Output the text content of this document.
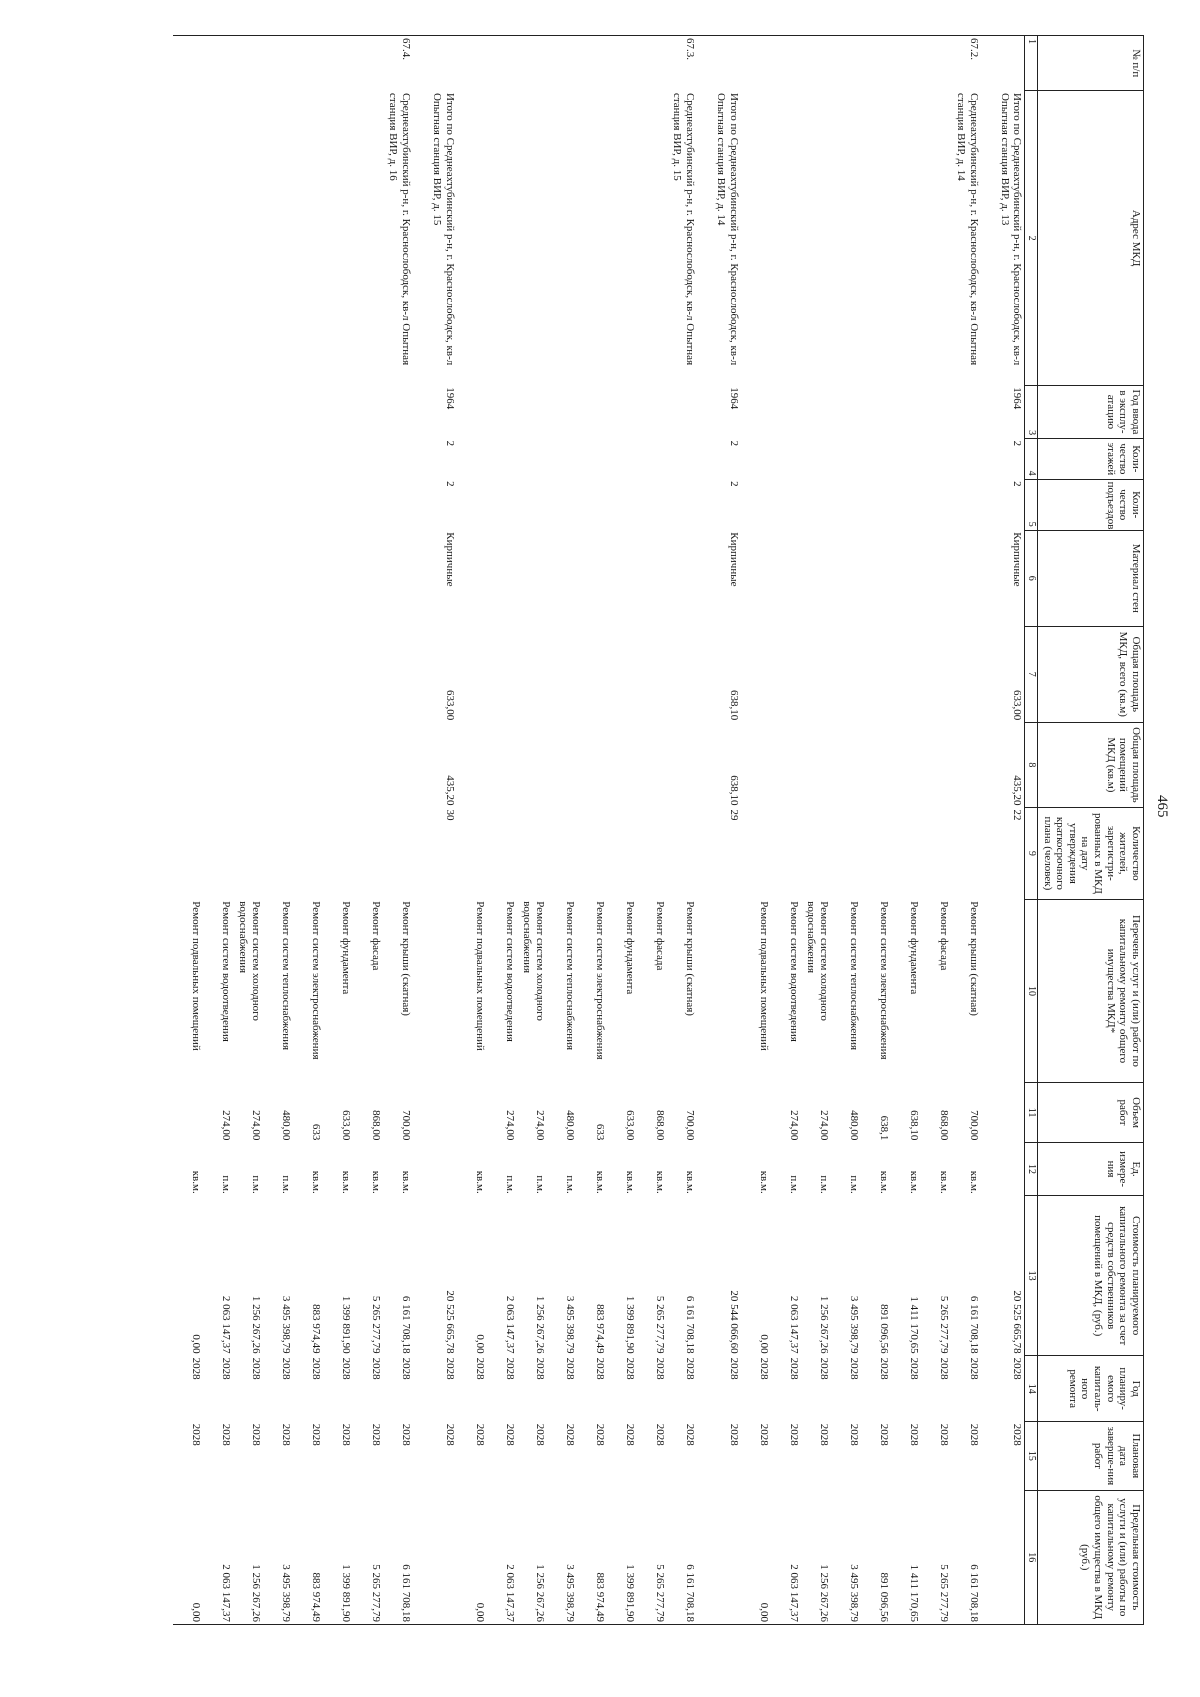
465
№ п/п	Адрес МКД	Год ввода в эксплу-атацию	Коли-чество этажей	Коли-чество подъездов	Материал стен	Общая площадь МКД, всего (кв.м)	Общая площадь помещений МКД (кв.м)	Количество жителей, зарегистри-рованных в МКД на дату утверждения краткосрочного плана (человек)	Перечень услуг и (или) работ по капитальному ремонту общего имущества МКД*	Объем работ	Ед. измере-ния	Стоимость планируемого капитального ремонта за счет средств собственников помещений в МКД, (руб.)	Год планиру-емого капиталь-ного ремонта	Плановая дата заверше-ния работ	Предельная стоимость услуги и (или) работы по капитальному ремонту общего имущества в МКД (руб.)
1	2	3	4	5	6	7	8	9	10	11	12	13	14	15	16
	Итого по Среднеахтубинский р-н, г. Краснослободск, кв-л Опытная станция ВИР, д. 13	1964	2	2	Кирпичные	633,00	435,20	22				20 525 665,78	2028	2028	
67.2.	Среднеахтубинский р-н, г. Краснослободск, кв-л Опытная станция ВИР, д. 14								Ремонт крыши (скатная)	700,00	кв.м.	6 161 708,18	2028	2028	6 161 708,18
									Ремонт фасада	868,00	кв.м.	5 265 277,79	2028	2028	5 265 277,79
									Ремонт фундамента	638,10	кв.м.	1 411 170,65	2028	2028	1 411 170,65
									Ремонт систем электроснабжения	638,1	кв.м.	891 096,56	2028	2028	891 096,56
									Ремонт систем теплоснабжения	480,00	п.м.	3 495 398,79	2028	2028	3 495 398,79
									Ремонт систем холодного водоснабжения	274,00	п.м.	1 256 267,26	2028	2028	1 256 267,26
									Ремонт систем водоотведения	274,00	п.м.	2 063 147,37	2028	2028	2 063 147,37
									Ремонт подвальных помещений		кв.м.	0,00	2028	2028	0,00
	Итого по Среднеахтубинский р-н, г. Краснослободск, кв-л Опытная станция ВИР, д. 14	1964	2	2	Кирпичные	638,10	638,10	29				20 544 066,60	2028	2028	
67.3.	Среднеахтубинский р-н, г. Краснослободск, кв-л Опытная станция ВИР, д. 15								Ремонт крыши (скатная)	700,00	кв.м.	6 161 708,18	2028	2028	6 161 708,18
									Ремонт фасада	868,00	кв.м.	5 265 277,79	2028	2028	5 265 277,79
									Ремонт фундамента	633,00	кв.м.	1 399 891,90	2028	2028	1 399 891,90
									Ремонт систем электроснабжения	633	кв.м.	883 974,49	2028	2028	883 974,49
									Ремонт систем теплоснабжения	480,00	п.м.	3 495 398,79	2028	2028	3 495 398,79
									Ремонт систем холодного водоснабжения	274,00	п.м.	1 256 267,26	2028	2028	1 256 267,26
									Ремонт систем водоотведения	274,00	п.м.	2 063 147,37	2028	2028	2 063 147,37
									Ремонт подвальных помещений		кв.м.	0,00	2028	2028	0,00
	Итого по Среднеахтубинский р-н, г. Краснослободск, кв-л Опытная станция ВИР, д. 15	1964	2	2	Кирпичные	633,00	435,20	30				20 525 665,78	2028	2028	
67.4.	Среднеахтубинский р-н, г. Краснослободск, кв-л Опытная станция ВИР, д. 16								Ремонт крыши (скатная)	700,00	кв.м.	6 161 708,18	2028	2028	6 161 708,18
									Ремонт фасада	868,00	кв.м.	5 265 277,79	2028	2028	5 265 277,79
									Ремонт фундамента	633,00	кв.м.	1 399 891,90	2028	2028	1 399 891,90
									Ремонт систем электроснабжения	633	кв.м.	883 974,49	2028	2028	883 974,49
									Ремонт систем теплоснабжения	480,00	п.м.	3 495 398,79	2028	2028	3 495 398,79
									Ремонт систем холодного водоснабжения	274,00	п.м.	1 256 267,26	2028	2028	1 256 267,26
									Ремонт систем водоотведения	274,00	п.м.	2 063 147,37	2028	2028	2 063 147,37
									Ремонт подвальных помещений		кв.м.	0,00	2028	2028	0,00
